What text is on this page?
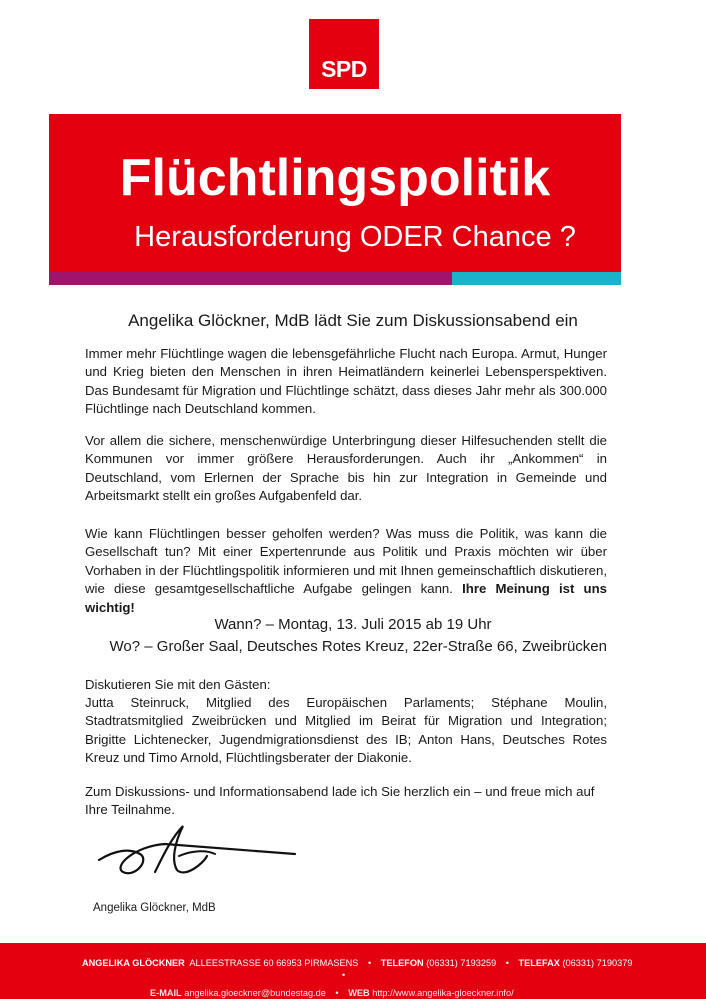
SPD
Flüchtlingspolitik
Herausforderung ODER Chance ?
Angelika Glöckner, MdB lädt Sie zum Diskussionsabend ein
Immer mehr Flüchtlinge wagen die lebensgefährliche Flucht nach Europa. Armut, Hunger und Krieg bieten den Menschen in ihren Heimatländern keinerlei Lebensperspektiven. Das Bundesamt für Migration und Flüchtlinge schätzt, dass dieses Jahr mehr als 300.000 Flüchtlinge nach Deutschland kommen.
Vor allem die sichere, menschenwürdige Unterbringung dieser Hilfesuchenden stellt die Kommunen vor immer größere Herausforderungen. Auch ihr „Ankommen“ in Deutschland, vom Erlernen der Sprache bis hin zur Integration in Gemeinde und Arbeitsmarkt stellt ein großes Aufgabenfeld dar.
Wie kann Flüchtlingen besser geholfen werden? Was muss die Politik, was kann die Gesellschaft tun? Mit einer Expertenrunde aus Politik und Praxis möchten wir über Vorhaben in der Flüchtlingspolitik informieren und mit Ihnen gemeinschaftlich diskutieren, wie diese gesamtgesellschaftliche Aufgabe gelingen kann. Ihre Meinung ist uns wichtig!
Wann? – Montag, 13. Juli 2015 ab 19 Uhr
Wo? – Großer Saal, Deutsches Rotes Kreuz, 22er-Straße 66, Zweibrücken
Diskutieren Sie mit den Gästen:
Jutta Steinruck, Mitglied des Europäischen Parlaments; Stéphane Moulin, Stadtratsmitglied Zweibrücken und Mitglied im Beirat für Migration und Integration; Brigitte Lichtenecker, Jugendmigrationsdienst des IB; Anton Hans, Deutsches Rotes Kreuz und Timo Arnold, Flüchtlingsberater der Diakonie.
Zum Diskussions- und Informationsabend lade ich Sie herzlich ein – und freue mich auf Ihre Teilnahme.
Angelika Glöckner, MdB
ANGELIKA GLÖCKNER ALLEESTRASSE 60 66953 PIRMASENS • TELEFON (06331) 7193259 • TELEFAX (06331) 7190379
•
E-MAIL angelika.gloeckner@bundestag.de • WEB http://www.angelika-gloeckner.info/
